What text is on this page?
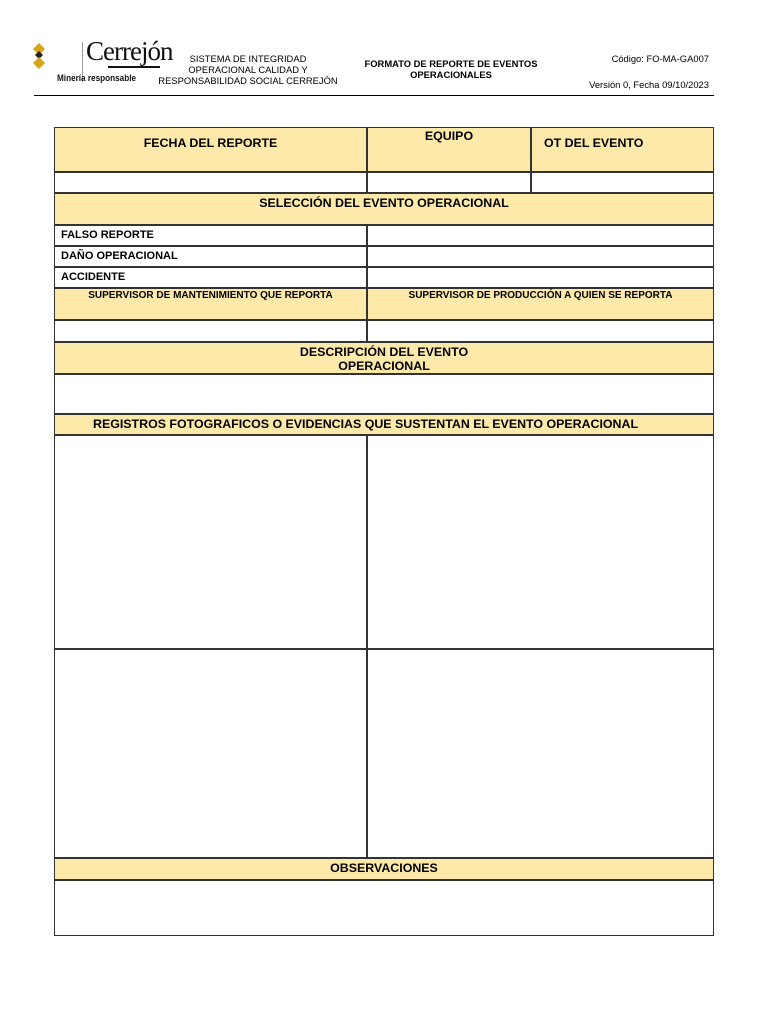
Cerrejón
Minería responsable
SISTEMA DE INTEGRIDAD
OPERACIONAL CALIDAD Y
RESPONSABILIDAD SOCIAL CERREJÓN
FORMATO DE REPORTE DE EVENTOS
OPERACIONALES
Código: FO-MA-GA007
Versión 0, Fecha 09/10/2023
FECHA DEL REPORTE	EQUIPO	OT DEL EVENTO
SELECCIÓN DEL EVENTO OPERACIONAL
FALSO REPORTE
DAÑO OPERACIONAL
ACCIDENTE
SUPERVISOR DE MANTENIMIENTO QUE REPORTA	SUPERVISOR DE PRODUCCIÓN A QUIEN SE REPORTA
DESCRIPCIÓN DEL EVENTO
OPERACIONAL
REGISTROS FOTOGRAFICOS O EVIDENCIAS QUE SUSTENTAN EL EVENTO OPERACIONAL
OBSERVACIONES
